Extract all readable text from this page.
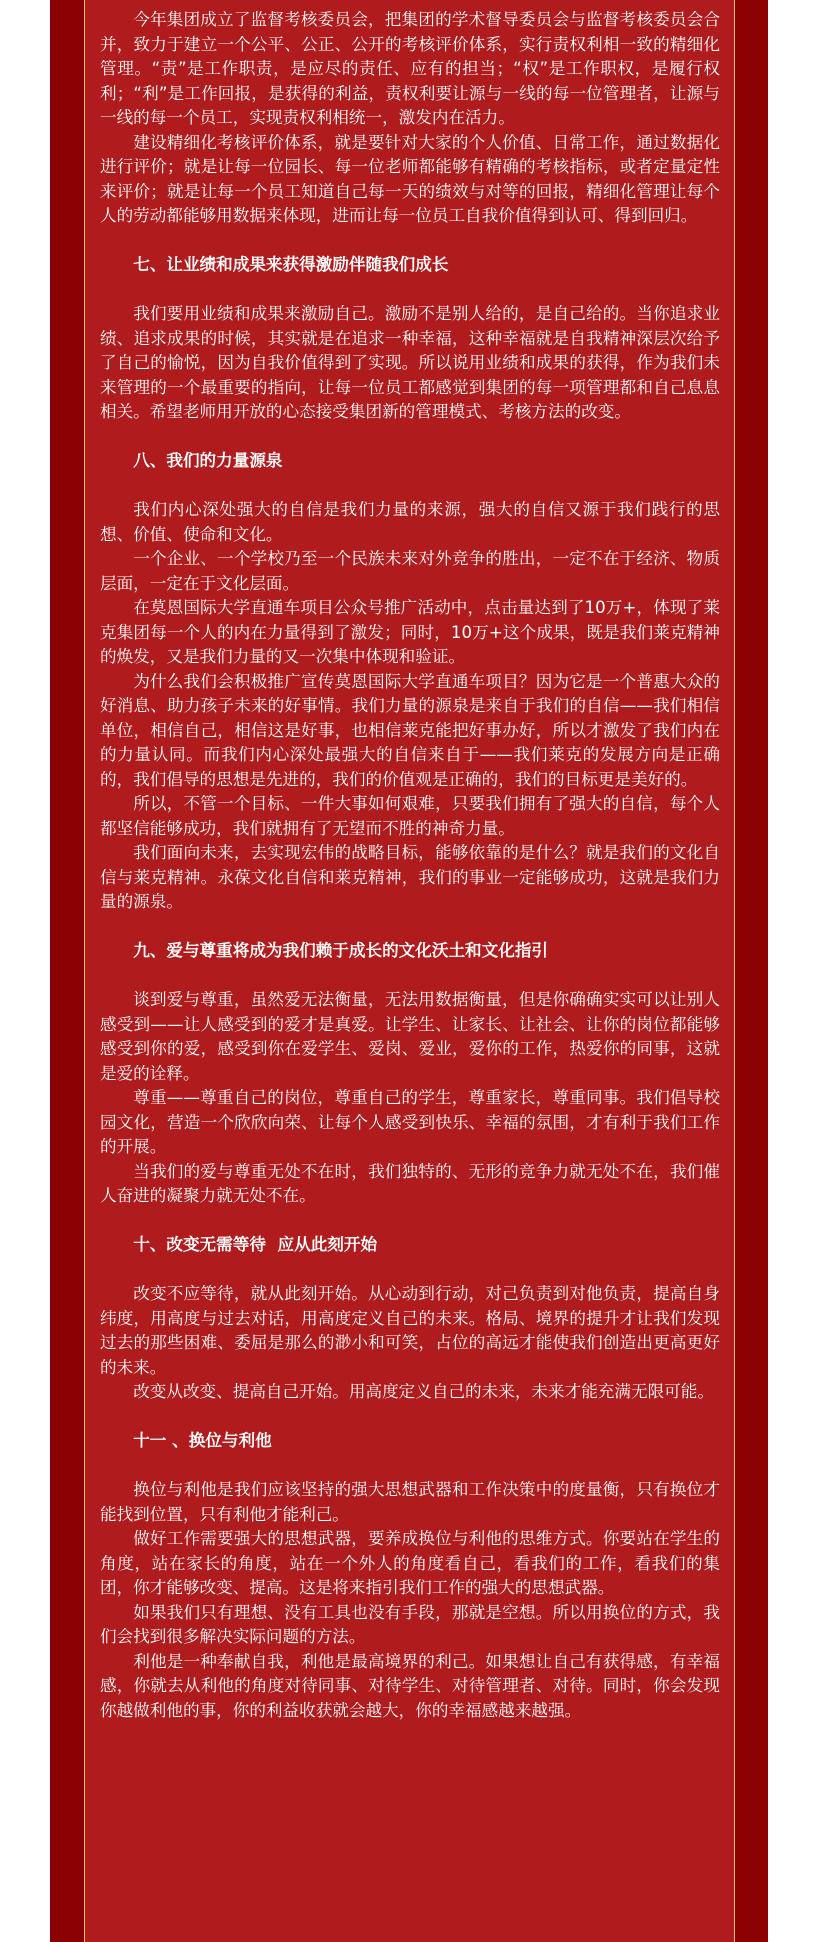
今年集团成立了监督考核委员会，把集团的学术督导委员会与监督考核委员会合并，致力于建立一个公平、公正、公开的考核评价体系，实行责权利相一致的精细化管理。“责”是工作职责，是应尽的责任、应有的担当；“权”是工作职权，是履行权利；“利”是工作回报，是获得的利益，责权利要让源与一线的每一位管理者，让源与一线的每一个员工，实现责权利相统一，激发内在活力。

建设精细化考核评价体系，就是要针对大家的个人价值、日常工作，通过数据化进行评价；就是让每一位园长、每一位老师都能够有精确的考核指标，或者定量定性来评价；就是让每一个员工知道自己每一天的绩效与对等的回报，精细化管理让每个人的劳动都能够用数据来体现，进而让每一位员工自我价值得到认可、得到回归。

七、让业绩和成果来获得激励伴随我们成长

我们要用业绩和成果来激励自己。激励不是别人给的，是自己给的。当你追求业绩、追求成果的时候，其实就是在追求一种幸福，这种幸福就是自我精神深层次给予了自己的愉悦，因为自我价值得到了实现。所以说用业绩和成果的获得，作为我们未来管理的一个最重要的指向，让每一位员工都感觉到集团的每一项管理都和自己息息相关。希望老师用开放的心态接受集团新的管理模式、考核方法的改变。

八、我们的力量源泉

我们内心深处强大的自信是我们力量的来源，强大的自信又源于我们践行的思想、价值、使命和文化。

一个企业、一个学校乃至一个民族未来对外竞争的胜出，一定不在于经济、物质层面，一定在于文化层面。

在莫恩国际大学直通车项目公众号推广活动中，点击量达到了10万+，体现了莱克集团每一个人的内在力量得到了激发；同时，10万+这个成果，既是我们莱克精神的焕发，又是我们力量的又一次集中体现和验证。

为什么我们会积极推广宣传莫恩国际大学直通车项目？因为它是一个普惠大众的好消息、助力孩子未来的好事情。我们力量的源泉是来自于我们的自信——我们相信单位，相信自己，相信这是好事，也相信莱克能把好事办好，所以才激发了我们内在的力量认同。而我们内心深处最强大的自信来自于——我们莱克的发展方向是正确的，我们倡导的思想是先进的，我们的价值观是正确的，我们的目标更是美好的。

所以，不管一个目标、一件大事如何艰难，只要我们拥有了强大的自信，每个人都坚信能够成功，我们就拥有了无望而不胜的神奇力量。

我们面向未来，去实现宏伟的战略目标，能够依靠的是什么？就是我们的文化自信与莱克精神。永葆文化自信和莱克精神，我们的事业一定能够成功，这就是我们力量的源泉。

九、爱与尊重将成为我们赖于成长的文化沃土和文化指引

谈到爱与尊重，虽然爱无法衡量，无法用数据衡量，但是你确确实实可以让别人感受到——让人感受到的爱才是真爱。让学生、让家长、让社会、让你的岗位都能够感受到你的爱，感受到你在爱学生、爱岗、爱业，爱你的工作，热爱你的同事，这就是爱的诠释。

尊重——尊重自己的岗位，尊重自己的学生，尊重家长，尊重同事。我们倡导校园文化，营造一个欣欣向荣、让每个人感受到快乐、幸福的氛围，才有利于我们工作的开展。

当我们的爱与尊重无处不在时，我们独特的、无形的竞争力就无处不在，我们催人奋进的凝聚力就无处不在。

十、改变无需等待  应从此刻开始

改变不应等待，就从此刻开始。从心动到行动，对己负责到对他负责，提高自身纬度，用高度与过去对话，用高度定义自己的未来。格局、境界的提升才让我们发现过去的那些困难、委屈是那么的渺小和可笑，占位的高远才能使我们创造出更高更好的未来。

改变从改变、提高自己开始。用高度定义自己的未来，未来才能充满无限可能。

十一 、换位与利他

换位与利他是我们应该坚持的强大思想武器和工作决策中的度量衡，只有换位才能找到位置，只有利他才能利己。

做好工作需要强大的思想武器，要养成换位与利他的思维方式。你要站在学生的角度，站在家长的角度，站在一个外人的角度看自己，看我们的工作，看我们的集团，你才能够改变、提高。这是将来指引我们工作的强大的思想武器。

如果我们只有理想、没有工具也没有手段，那就是空想。所以用换位的方式，我们会找到很多解决实际问题的方法。

利他是一种奉献自我，利他是最高境界的利己。如果想让自己有获得感，有幸福感，你就去从利他的角度对待同事、对待学生、对待管理者、对待。同时，你会发现你越做利他的事，你的利益收获就会越大，你的幸福感越来越强。
